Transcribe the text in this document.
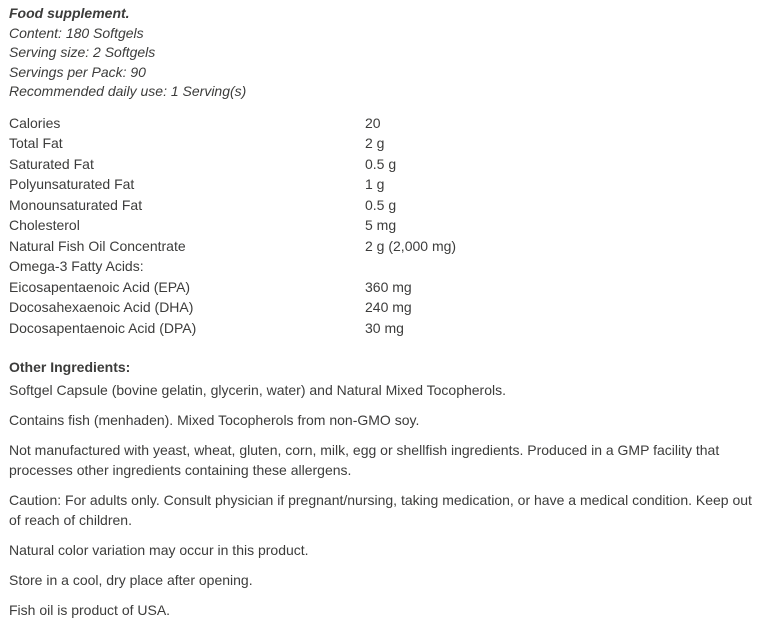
Food supplement.
Content: 180 Softgels
Serving size: 2 Softgels
Servings per Pack: 90
Recommended daily use: 1 Serving(s)
Calories	20
Total Fat	2 g
Saturated Fat	0.5 g
Polyunsaturated Fat	1 g
Monounsaturated Fat	0.5 g
Cholesterol	5 mg
Natural Fish Oil Concentrate	2 g (2,000 mg)
Omega-3 Fatty Acids:
Eicosapentaenoic Acid (EPA)	360 mg
Docosahexaenoic Acid (DHA)	240 mg
Docosapentaenoic Acid (DPA)	30 mg
Other Ingredients:

Softgel Capsule (bovine gelatin, glycerin, water) and Natural Mixed Tocopherols.

Contains fish (menhaden). Mixed Tocopherols from non-GMO soy.

Not manufactured with yeast, wheat, gluten, corn, milk, egg or shellfish ingredients. Produced in a GMP facility that processes other ingredients containing these allergens.

Caution: For adults only. Consult physician if pregnant/nursing, taking medication, or have a medical condition. Keep out of reach of children.

Natural color variation may occur in this product.

Store in a cool, dry place after opening.

Fish oil is product of USA.
